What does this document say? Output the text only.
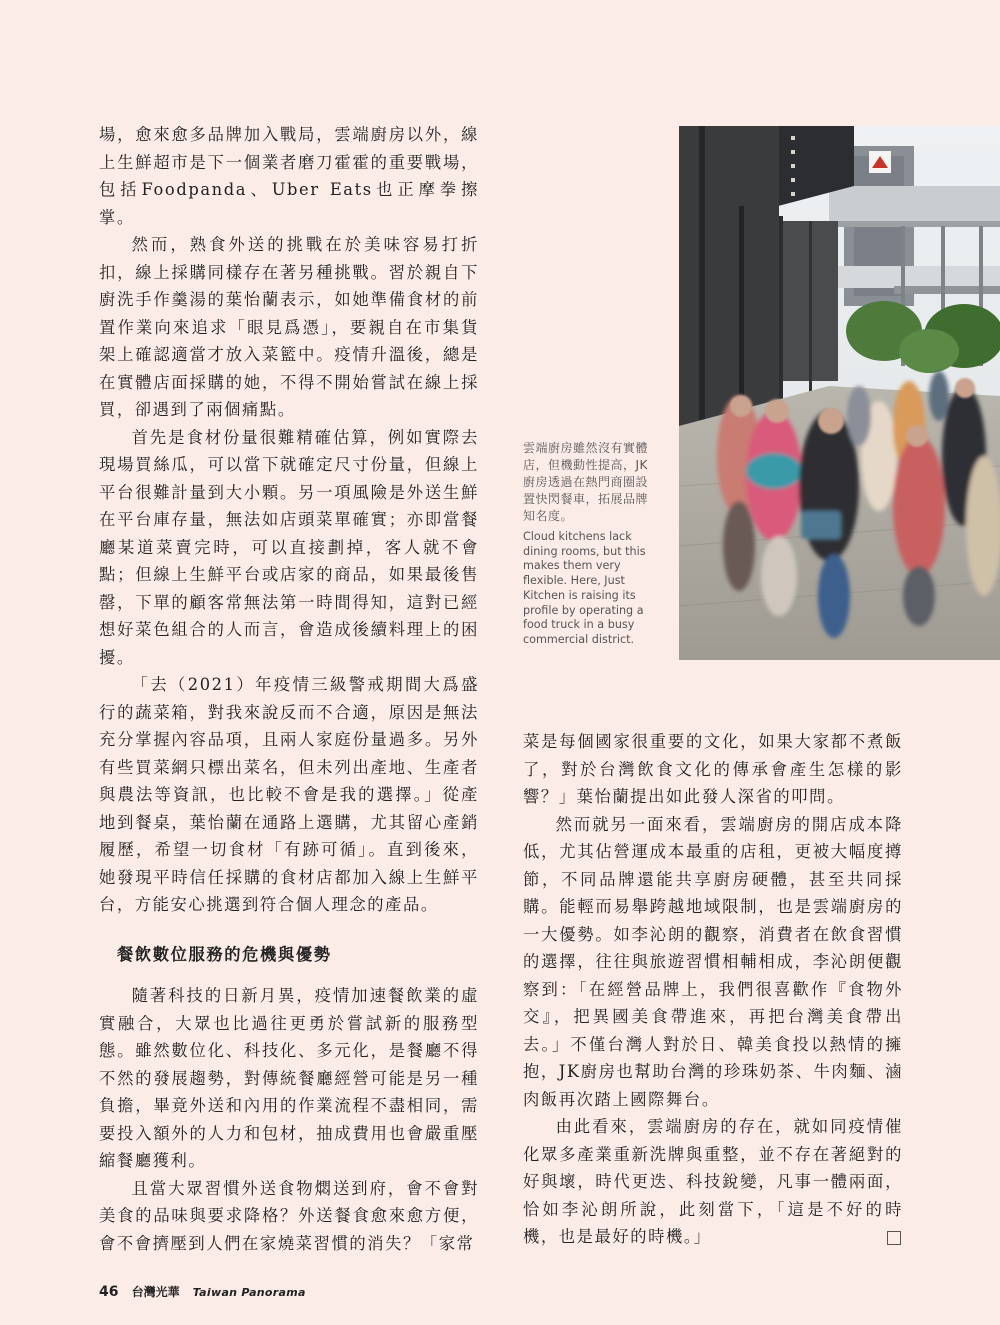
場，愈來愈多品牌加入戰局，雲端廚房以外，線上生鮮超市是下一個業者磨刀霍霍的重要戰場，包括Foodpanda、Uber Eats也正摩拳擦掌。

然而，熟食外送的挑戰在於美味容易打折扣，線上採購同樣存在著另種挑戰。習於親自下廚洗手作羹湯的葉怡蘭表示，如她準備食材的前置作業向來追求「眼見爲憑」，要親自在市集貨架上確認適當才放入菜籃中。疫情升溫後，總是在實體店面採購的她，不得不開始嘗試在線上採買，卻遇到了兩個痛點。

首先是食材份量很難精確估算，例如實際去現場買絲瓜，可以當下就確定尺寸份量，但線上平台很難計量到大小顆。另一項風險是外送生鮮在平台庫存量，無法如店頭菜單確實；亦即當餐廳某道菜賣完時，可以直接劃掉，客人就不會點；但線上生鮮平台或店家的商品，如果最後售罄，下單的顧客常無法第一時間得知，這對已經想好菜色組合的人而言，會造成後續料理上的困擾。

「去（2021）年疫情三級警戒期間大爲盛行的蔬菜箱，對我來說反而不合適，原因是無法充分掌握內容品項，且兩人家庭份量過多。另外有些買菜網只標出菜名，但未列出產地、生產者與農法等資訊，也比較不會是我的選擇。」從產地到餐桌，葉怡蘭在通路上選購，尤其留心產銷履歷，希望一切食材「有跡可循」。直到後來，她發現平時信任採購的食材店都加入線上生鮮平台，方能安心挑選到符合個人理念的產品。

餐飲數位服務的危機與優勢

隨著科技的日新月異，疫情加速餐飲業的虛實融合，大眾也比過往更勇於嘗試新的服務型態。雖然數位化、科技化、多元化，是餐廳不得不然的發展趨勢，對傳統餐廳經營可能是另一種負擔，畢竟外送和內用的作業流程不盡相同，需要投入額外的人力和包材，抽成費用也會嚴重壓縮餐廳獲利。

且當大眾習慣外送食物燜送到府，會不會對美食的品味與要求降格？外送餐食愈來愈方便，會不會擠壓到人們在家燒菜習慣的消失？「家常

雲端廚房雖然沒有實體店，但機動性提高，JK廚房透過在熱門商圈設置快閃餐車，拓展品牌知名度。

Cloud kitchens lack dining rooms, but this makes them very flexible. Here, Just Kitchen is raising its profile by operating a food truck in a busy commercial district.

菜是每個國家很重要的文化，如果大家都不煮飯了，對於台灣飲食文化的傳承會產生怎樣的影響？」葉怡蘭提出如此發人深省的叩問。

然而就另一面來看，雲端廚房的開店成本降低，尤其佔營運成本最重的店租，更被大幅度撙節，不同品牌還能共享廚房硬體，甚至共同採購。能輕而易舉跨越地域限制，也是雲端廚房的一大優勢。如李沁朗的觀察，消費者在飲食習慣的選擇，往往與旅遊習慣相輔相成，李沁朗便觀察到：「在經營品牌上，我們很喜歡作『食物外交』，把異國美食帶進來，再把台灣美食帶出去。」不僅台灣人對於日、韓美食投以熱情的擁抱，JK廚房也幫助台灣的珍珠奶茶、牛肉麵、滷肉飯再次踏上國際舞台。

由此看來，雲端廚房的存在，就如同疫情催化眾多產業重新洗牌與重整，並不存在著絕對的好與壞，時代更迭、科技銳變，凡事一體兩面，恰如李沁朗所說，此刻當下，「這是不好的時機，也是最好的時機。」

46 台灣光華 Taiwan Panorama
